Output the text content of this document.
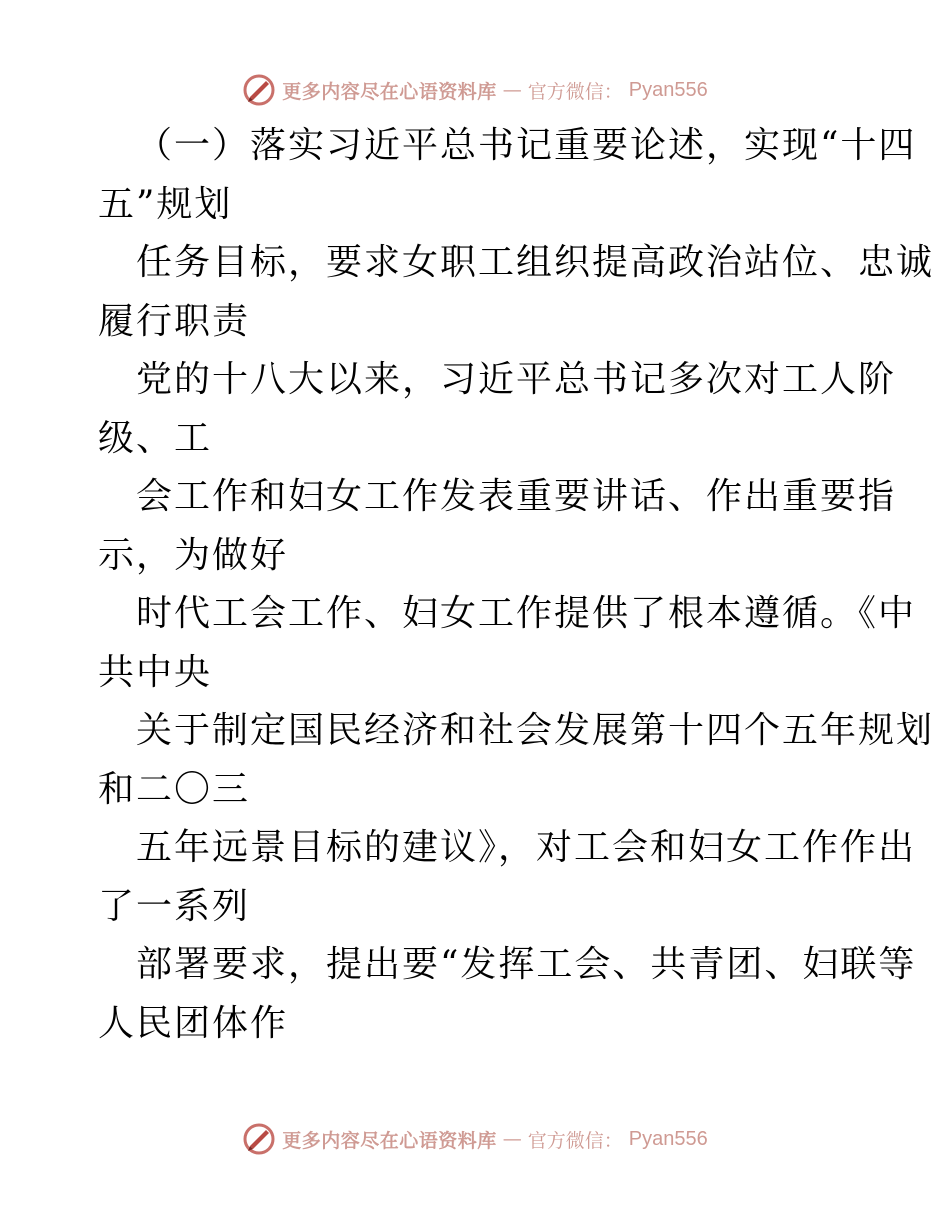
更多内容尽在心语资料库 — 官方微信： Pyan556
（一）落实习近平总书记重要论述，实现“十四
五”规划
任务目标，要求女职工组织提高政治站位、忠诚
履行职责
党的十八大以来，习近平总书记多次对工人阶
级、工
会工作和妇女工作发表重要讲话、作出重要指
示，为做好
时代工会工作、妇女工作提供了根本遵循。《中
共中央
关于制定国民经济和社会发展第十四个五年规划
和二〇三
五年远景目标的建议》，对工会和妇女工作作出
了一系列
部署要求，提出要“发挥工会、共青团、妇联等
人民团体作
更多内容尽在心语资料库 — 官方微信： Pyan556
